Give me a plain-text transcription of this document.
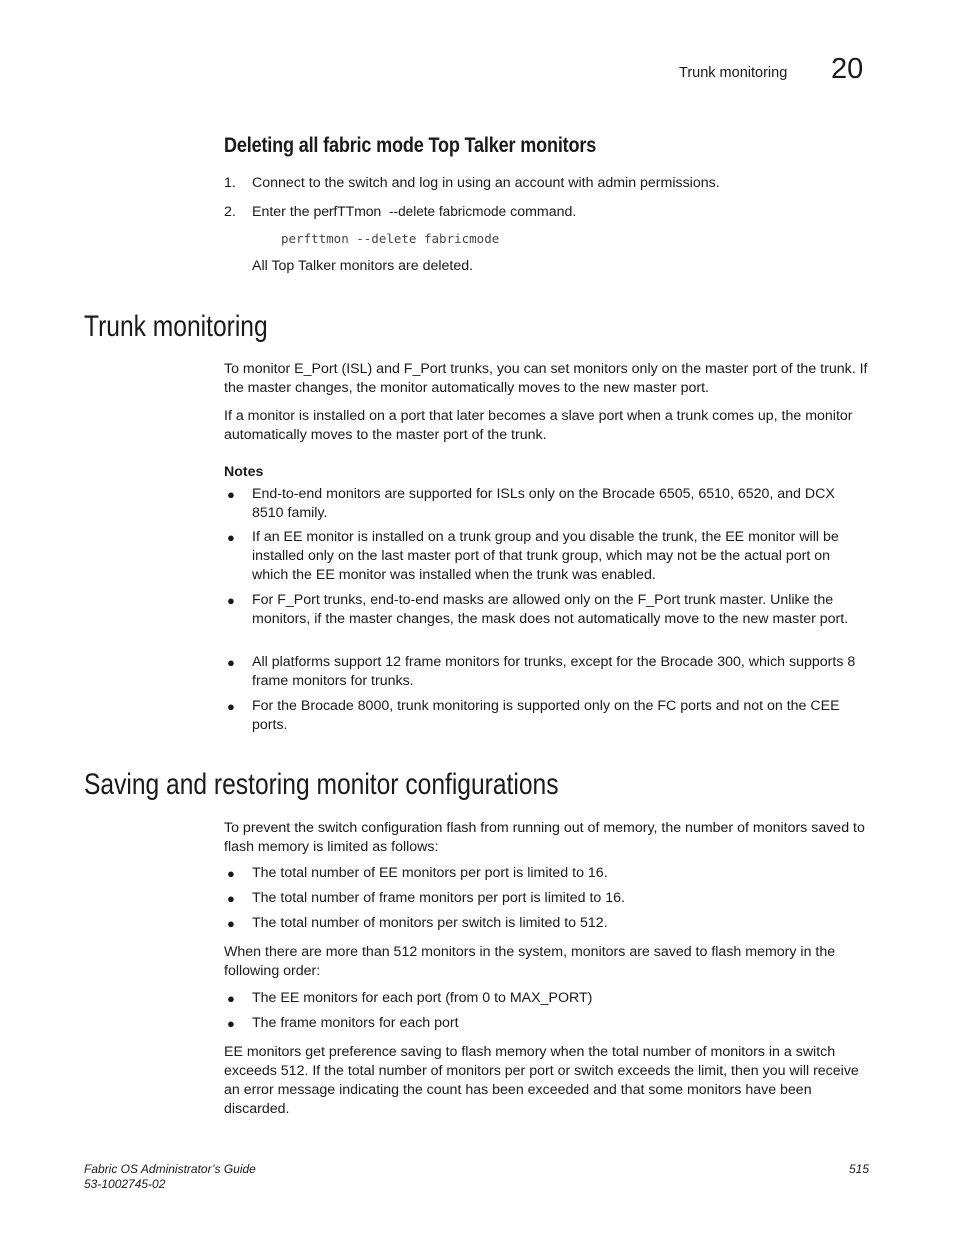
Trunk monitoring 20
Deleting all fabric mode Top Talker monitors
1. Connect to the switch and log in using an account with admin permissions.
2. Enter the perfTTmon --delete fabricmode command.
perfttmon --delete fabricmode
All Top Talker monitors are deleted.
Trunk monitoring
To monitor E_Port (ISL) and F_Port trunks, you can set monitors only on the master port of the trunk. If the master changes, the monitor automatically moves to the new master port.
If a monitor is installed on a port that later becomes a slave port when a trunk comes up, the monitor automatically moves to the master port of the trunk.
Notes
● End-to-end monitors are supported for ISLs only on the Brocade 6505, 6510, 6520, and DCX 8510 family.
● If an EE monitor is installed on a trunk group and you disable the trunk, the EE monitor will be installed only on the last master port of that trunk group, which may not be the actual port on which the EE monitor was installed when the trunk was enabled.
● For F_Port trunks, end-to-end masks are allowed only on the F_Port trunk master. Unlike the monitors, if the master changes, the mask does not automatically move to the new master port.
● All platforms support 12 frame monitors for trunks, except for the Brocade 300, which supports 8 frame monitors for trunks.
● For the Brocade 8000, trunk monitoring is supported only on the FC ports and not on the CEE ports.
Saving and restoring monitor configurations
To prevent the switch configuration flash from running out of memory, the number of monitors saved to flash memory is limited as follows:
● The total number of EE monitors per port is limited to 16.
● The total number of frame monitors per port is limited to 16.
● The total number of monitors per switch is limited to 512.
When there are more than 512 monitors in the system, monitors are saved to flash memory in the following order:
● The EE monitors for each port (from 0 to MAX_PORT)
● The frame monitors for each port
EE monitors get preference saving to flash memory when the total number of monitors in a switch exceeds 512. If the total number of monitors per port or switch exceeds the limit, then you will receive an error message indicating the count has been exceeded and that some monitors have been discarded.
Fabric OS Administrator’s Guide
53-1002745-02
515
